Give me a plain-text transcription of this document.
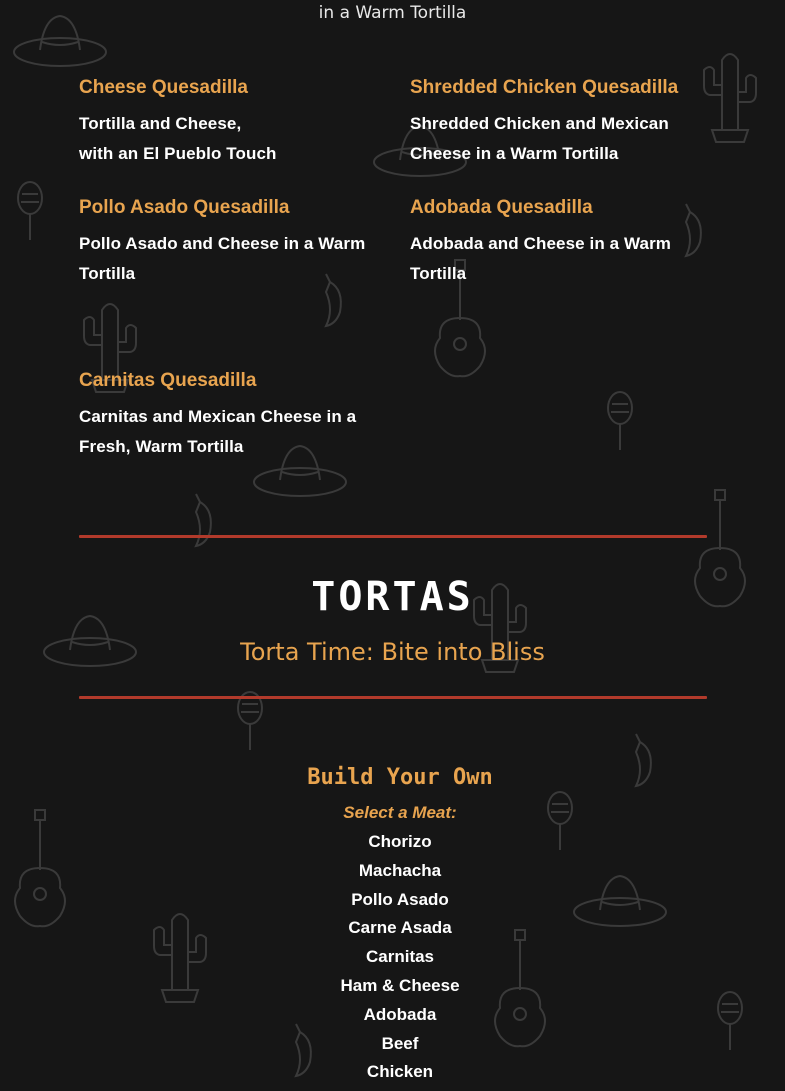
in a Warm Tortilla
Cheese Quesadilla
Tortilla and Cheese,
with an El Pueblo Touch
Shredded Chicken Quesadilla
Shredded Chicken and Mexican
Cheese in a Warm Tortilla
Pollo Asado Quesadilla
Pollo Asado and Cheese in a Warm
Tortilla
Adobada Quesadilla
Adobada and Cheese in a Warm
Tortilla
Carnitas Quesadilla
Carnitas and Mexican Cheese in a
Fresh, Warm Tortilla
TORTAS
Torta Time: Bite into Bliss
Build Your Own
Select a Meat:
Chorizo
Machacha
Pollo Asado
Carne Asada
Carnitas
Ham & Cheese
Adobada
Beef
Chicken
